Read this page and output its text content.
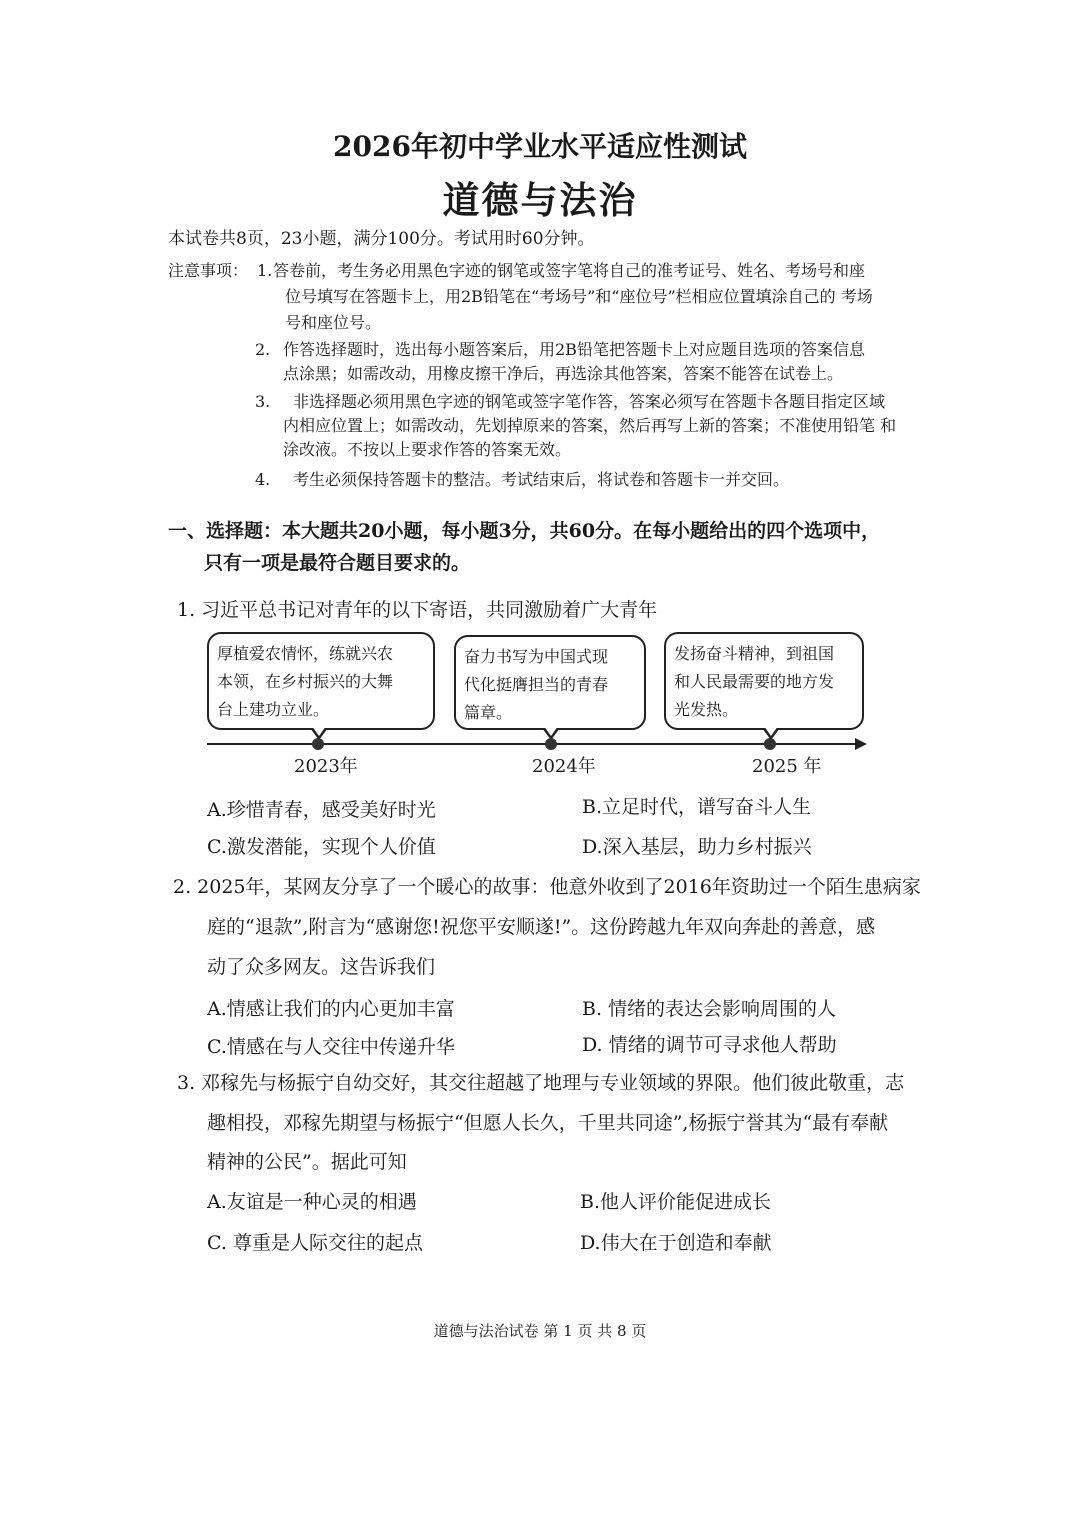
2026年初中学业水平适应性测试
道德与法治
本试卷共8页，23小题，满分100分。考试用时60分钟。
注意事项： 1. 答卷前，考生务必用黑色字迹的钢笔或签字笔将自己的准考证号、姓名、考场号和座
位号填写在答题卡上，用2B铅笔在“考场号”和“座位号”栏相应位置填涂自己的 考场
号和座位号。
2. 作答选择题时，选出每小题答案后，用2B铅笔把答题卡上对应题目选项的答案信息
点涂黑；如需改动，用橡皮擦干净后，再选涂其他答案，答案不能答在试卷上。
3. 非选择题必须用黑色字迹的钢笔或签字笔作答，答案必须写在答题卡各题目指定区域
内相应位置上；如需改动，先划掉原来的答案，然后再写上新的答案；不准使用铅笔 和
涂改液。不按以上要求作答的答案无效。
4. 考生必须保持答题卡的整洁。考试结束后，将试卷和答题卡一并交回。
一、选择题：本大题共20小题，每小题3分，共60分。在每小题给出的四个选项中，
只有一项是最符合题目要求的。
1. 习近平总书记对青年的以下寄语，共同激励着广大青年
厚植爱农情怀，练就兴农
本领，在乡村振兴的大舞
台上建功立业。
奋力书写为中国式现
代化挺膺担当的青春
篇章。
发扬奋斗精神，到祖国
和人民最需要的地方发
光发热。
2023年	2024年	2025 年
A.珍惜青春，感受美好时光	B.立足时代，谱写奋斗人生
C.激发潜能，实现个人价值	D.深入基层，助力乡村振兴
2. 2025年，某网友分享了一个暖心的故事：他意外收到了2016年资助过一个陌生患病家
庭的“退款”,附言为“感谢您!祝您平安顺遂!”。这份跨越九年双向奔赴的善意，感
动了众多网友。这告诉我们
A.情感让我们的内心更加丰富	B. 情绪的表达会影响周围的人
C.情感在与人交往中传递升华	D. 情绪的调节可寻求他人帮助
3. 邓稼先与杨振宁自幼交好，其交往超越了地理与专业领域的界限。他们彼此敬重，志
趣相投，邓稼先期望与杨振宁“但愿人长久，千里共同途”,杨振宁誉其为“最有奉献
精神的公民”。据此可知
A.友谊是一种心灵的相遇	B.他人评价能促进成长
C. 尊重是人际交往的起点	D.伟大在于创造和奉献
道德与法治试卷 第 1 页 共 8 页
